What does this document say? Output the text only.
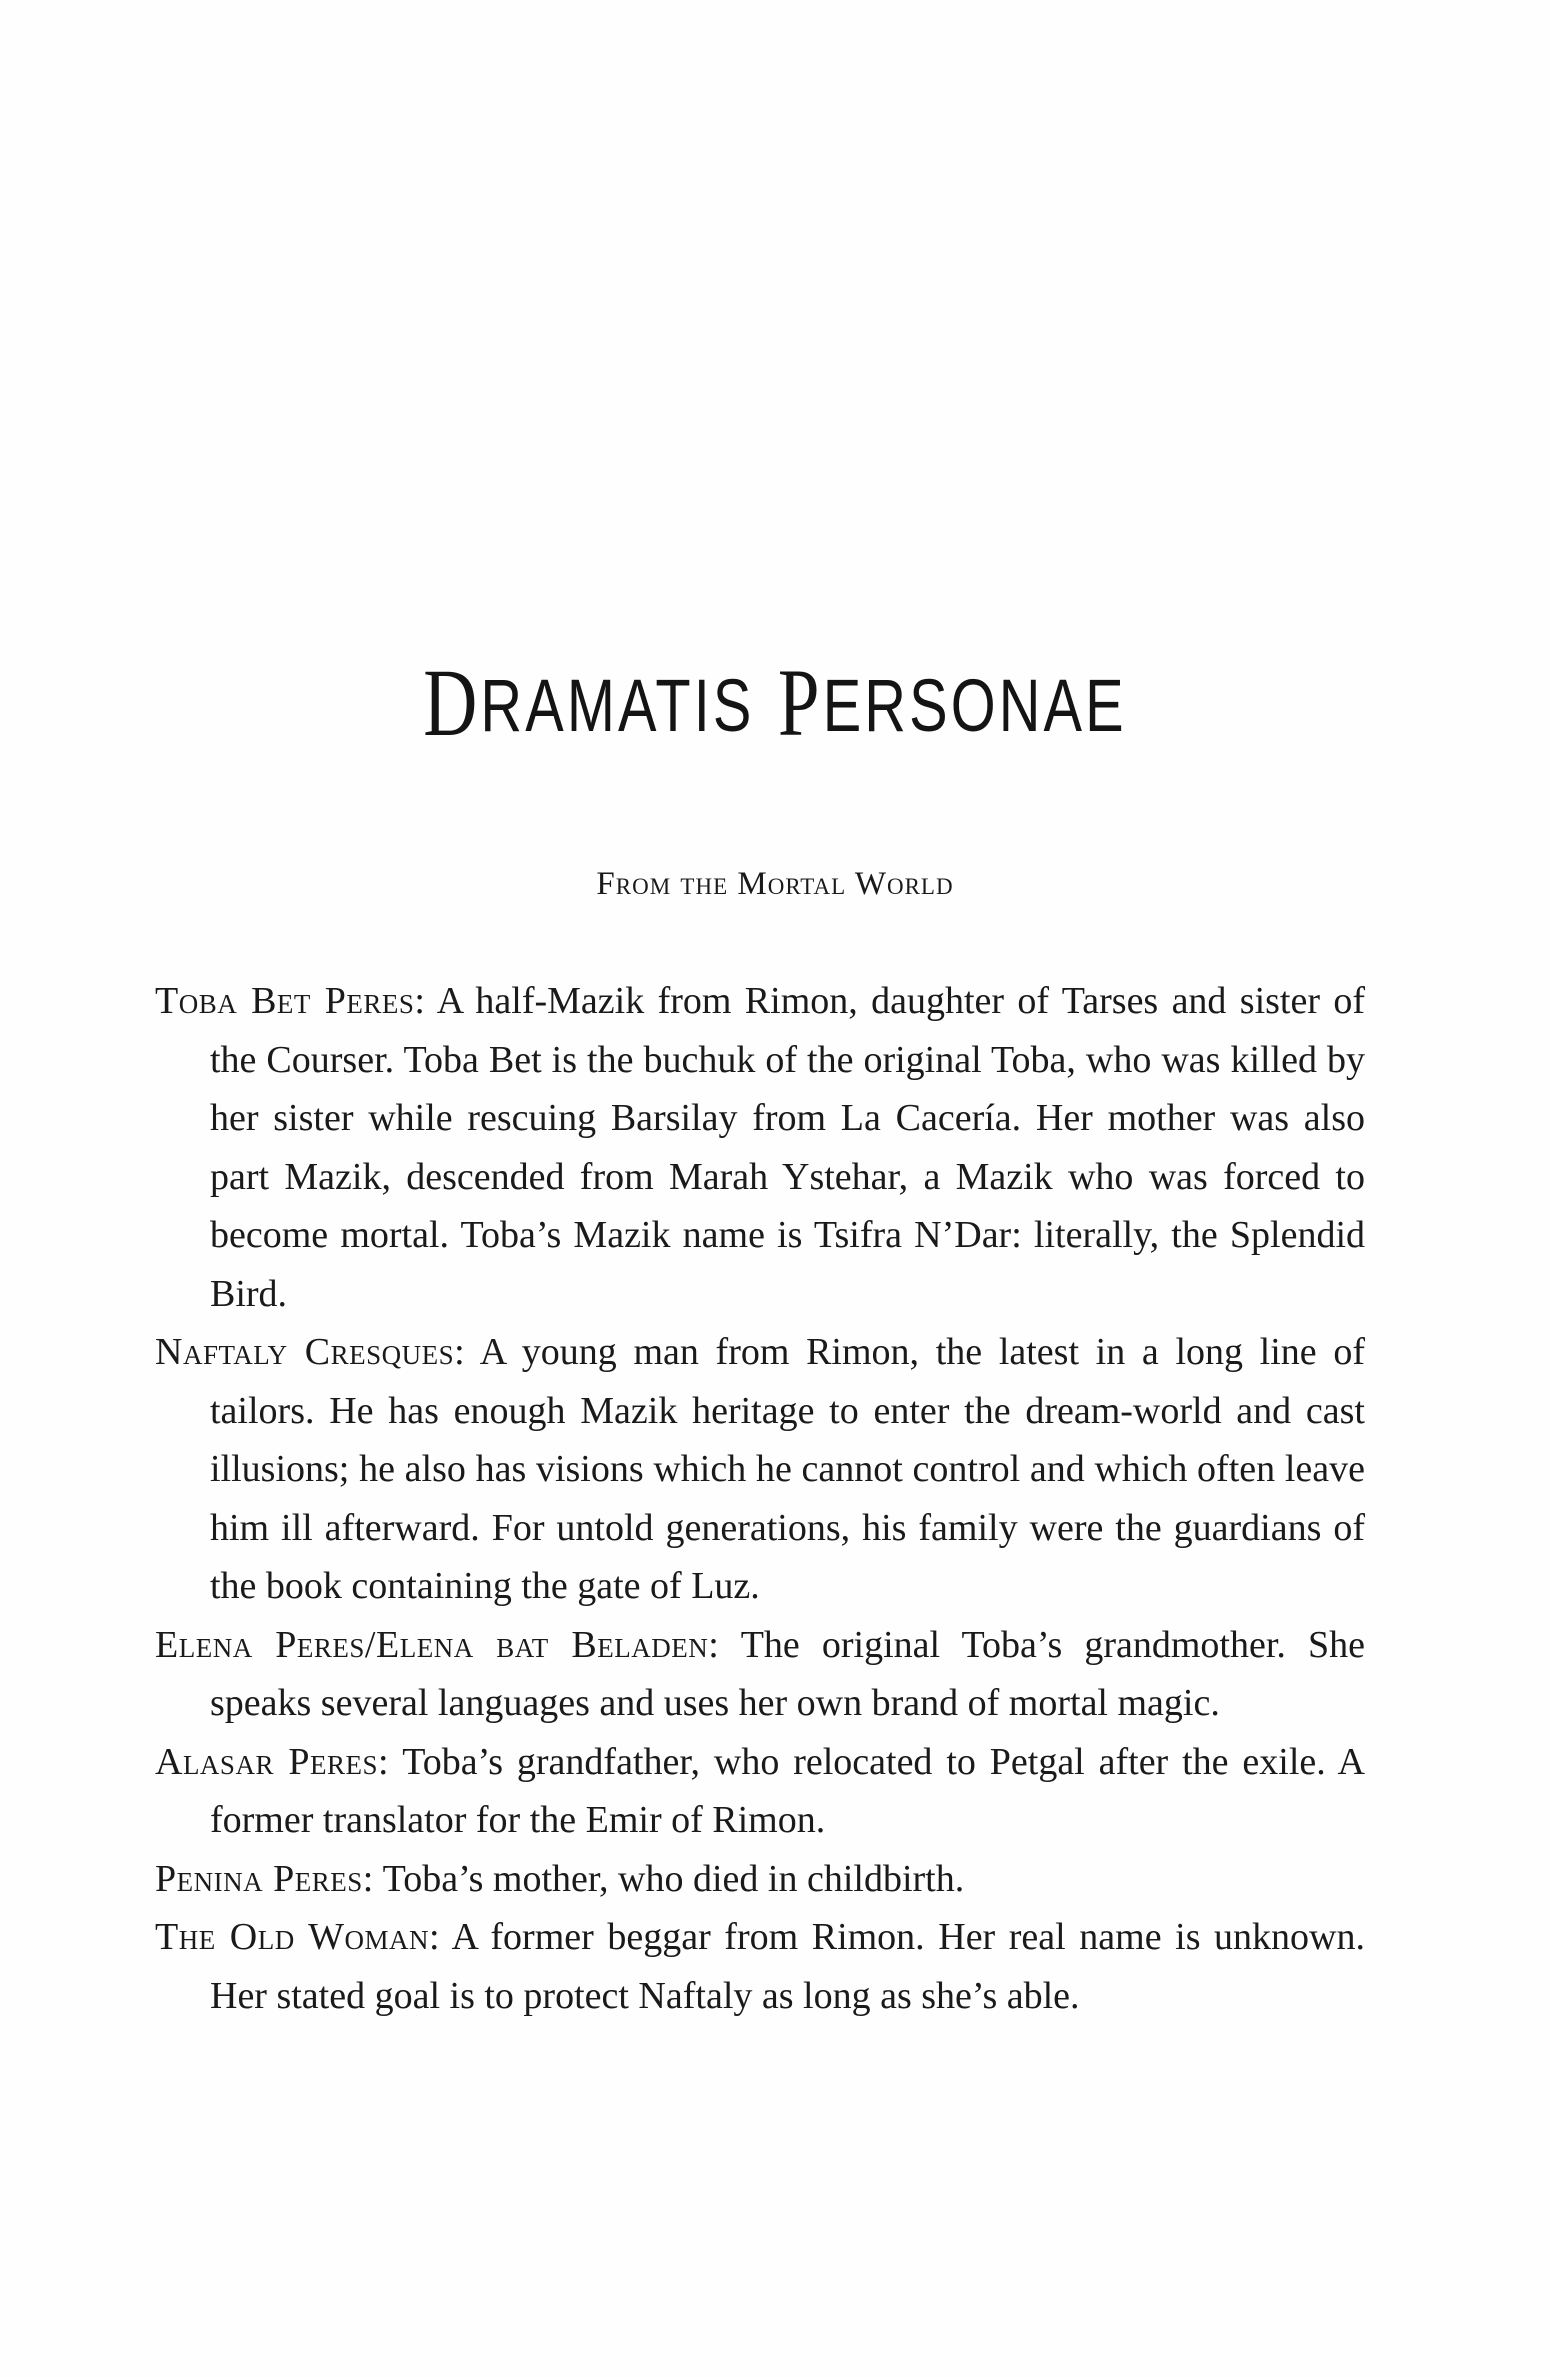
DRAMATIS PERSONAE
From the Mortal World

Toba Bet Peres: A half-Mazik from Rimon, daughter of Tarses and sister of the Courser. Toba Bet is the buchuk of the original Toba, who was killed by her sister while rescuing Barsilay from La Cacería. Her mother was also part Mazik, descended from Marah Ystehar, a Mazik who was forced to become mortal. Toba’s Mazik name is Tsifra N’Dar: literally, the Splendid Bird.

Naftaly Cresques: A young man from Rimon, the latest in a long line of tailors. He has enough Mazik heritage to enter the dream-world and cast illusions; he also has visions which he cannot control and which often leave him ill afterward. For untold generations, his family were the guardians of the book containing the gate of Luz.

Elena Peres/Elena bat Beladen: The original Toba’s grandmother. She speaks several languages and uses her own brand of mortal magic.

Alasar Peres: Toba’s grandfather, who relocated to Petgal after the exile. A former translator for the Emir of Rimon.

Penina Peres: Toba’s mother, who died in childbirth.

The Old Woman: A former beggar from Rimon. Her real name is unknown. Her stated goal is to protect Naftaly as long as she’s able.
